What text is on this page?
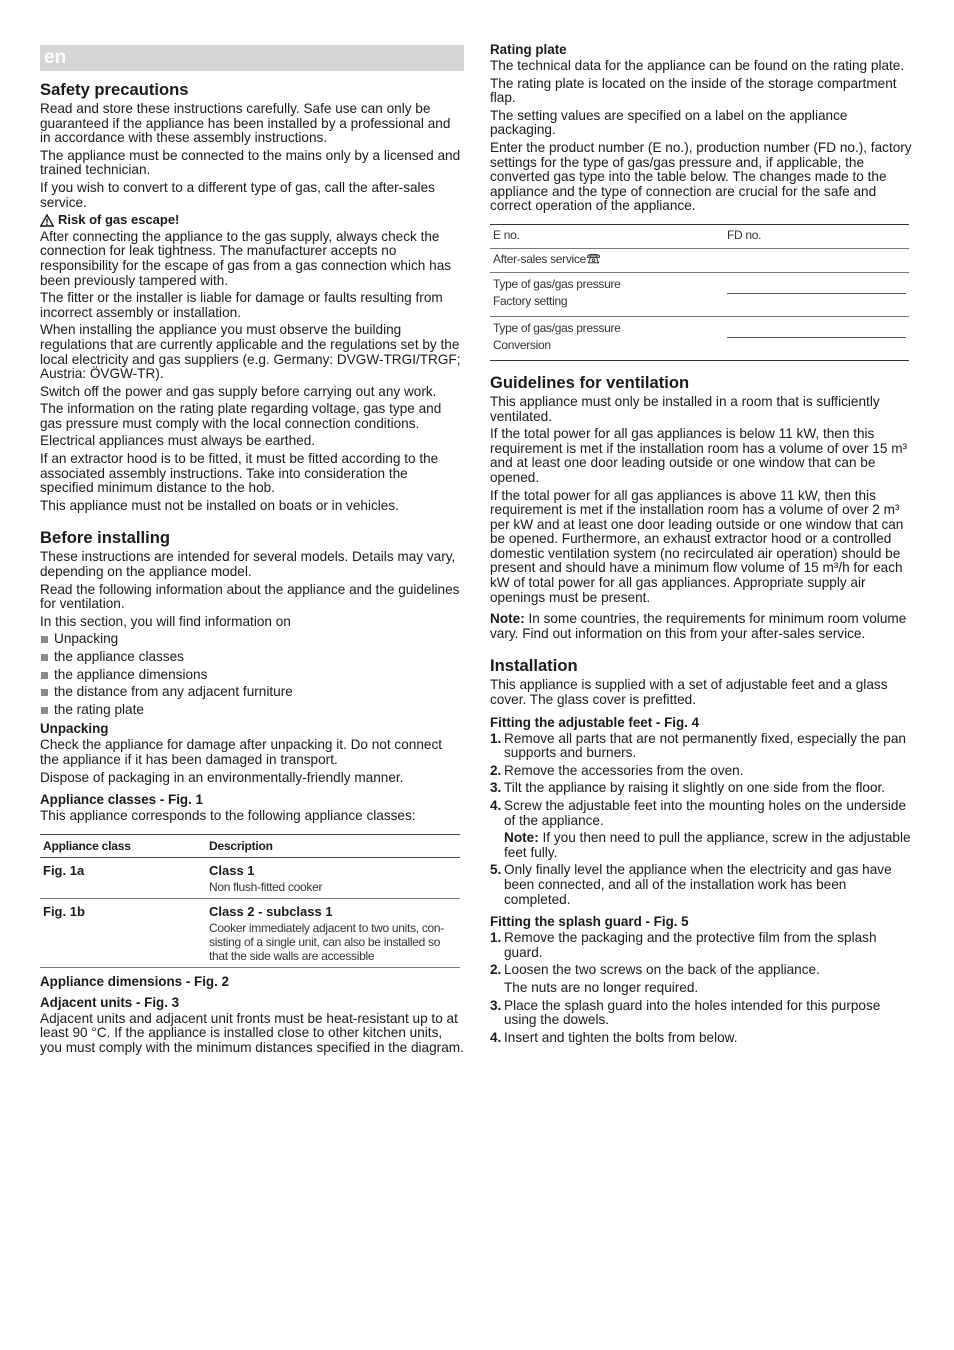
en
Safety precautions

Read and store these instructions carefully. Safe use can only be guaranteed if the appliance has been installed by a professional and in accordance with these assembly instructions.

The appliance must be connected to the mains only by a licensed and trained technician.

If you wish to convert to a different type of gas, call the after-sales service.

Risk of gas escape!

After connecting the appliance to the gas supply, always check the connection for leak tightness. The manufacturer accepts no responsibility for the escape of gas from a gas connection which has been previously tampered with.

The fitter or the installer is liable for damage or faults resulting from incorrect assembly or installation.

When installing the appliance you must observe the building regulations that are currently applicable and the regulations set by the local electricity and gas suppliers (e.g. Germany: DVGW-TRGI/TRGF; Austria: ÖVGW-TR).

Switch off the power and gas supply before carrying out any work.

The information on the rating plate regarding voltage, gas type and gas pressure must comply with the local connection conditions.

Electrical appliances must always be earthed.

If an extractor hood is to be fitted, it must be fitted according to the associated assembly instructions. Take into consideration the specified minimum distance to the hob.

This appliance must not be installed on boats or in vehicles.

Before installing

These instructions are intended for several models. Details may vary, depending on the appliance model.

Read the following information about the appliance and the guidelines for ventilation.

In this section, you will find information on

Unpacking
the appliance classes
the appliance dimensions
the distance from any adjacent furniture
the rating plate
Unpacking

Check the appliance for damage after unpacking it. Do not connect the appliance if it has been damaged in transport.

Dispose of packaging in an environmentally-friendly manner.

Appliance classes - Fig. 1

This appliance corresponds to the following appliance classes:

Appliance class	Description
Fig. 1a	Class 1
Non flush-fitted cooker

Fig. 1b	Class 2 - subclass 1
Cooker immediately adjacent to two units, con-sisting of a single unit, can also be installed so that the side walls are accessible
Appliance dimensions - Fig. 2
Adjacent units - Fig. 3

Adjacent units and adjacent unit fronts must be heat-resistant up to at least 90 °C. If the appliance is installed close to other kitchen units, you must comply with the minimum distances specified in the diagram.

Rating plate

The technical data for the appliance can be found on the rating plate.

The rating plate is located on the inside of the storage compartment flap.

The setting values are specified on a label on the appliance packaging.

Enter the product number (E no.), production number (FD no.), factory settings for the type of gas/gas pressure and, if applicable, the converted gas type into the table below. The changes made to the appliance and the type of connection are crucial for the safe and correct operation of the appliance.

E no.	FD no.
After-sales service	
Type of gas/gas pressure
Factory setting	

Type of gas/gas pressure
Conversion	
Guidelines for ventilation

This appliance must only be installed in a room that is sufficiently ventilated.

If the total power for all gas appliances is below 11 kW, then this requirement is met if the installation room has a volume of over 15 m³ and at least one door leading outside or one window that can be opened.

If the total power for all gas appliances is above 11 kW, then this requirement is met if the installation room has a volume of over 2 m³ per kW and at least one door leading outside or one window that can be opened. Furthermore, an exhaust extractor hood or a controlled domestic ventilation system (no recirculated air operation) should be present and should have a minimum flow volume of 15 m³/h for each kW of total power for all gas appliances. Appropriate supply air openings must be present.

Note: In some countries, the requirements for minimum room volume vary. Find out information on this from your after-sales service.

Installation

This appliance is supplied with a set of adjustable feet and a glass cover. The glass cover is prefitted.

Fitting the adjustable feet - Fig. 4
1. Remove all parts that are not permanently fixed, especially the pan supports and burners.
2. Remove the accessories from the oven.
3. Tilt the appliance by raising it slightly on one side from the floor.
4. Screw the adjustable feet into the mounting holes on the underside of the appliance.

Note: If you then need to pull the appliance, screw in the adjustable feet fully.

5. Only finally level the appliance when the electricity and gas have been connected, and all of the installation work has been completed.
Fitting the splash guard - Fig. 5
1. Remove the packaging and the protective film from the splash guard.
2. Loosen the two screws on the back of the appliance.

The nuts are no longer required.

3. Place the splash guard into the holes intended for this purpose using the dowels.
4. Insert and tighten the bolts from below.
